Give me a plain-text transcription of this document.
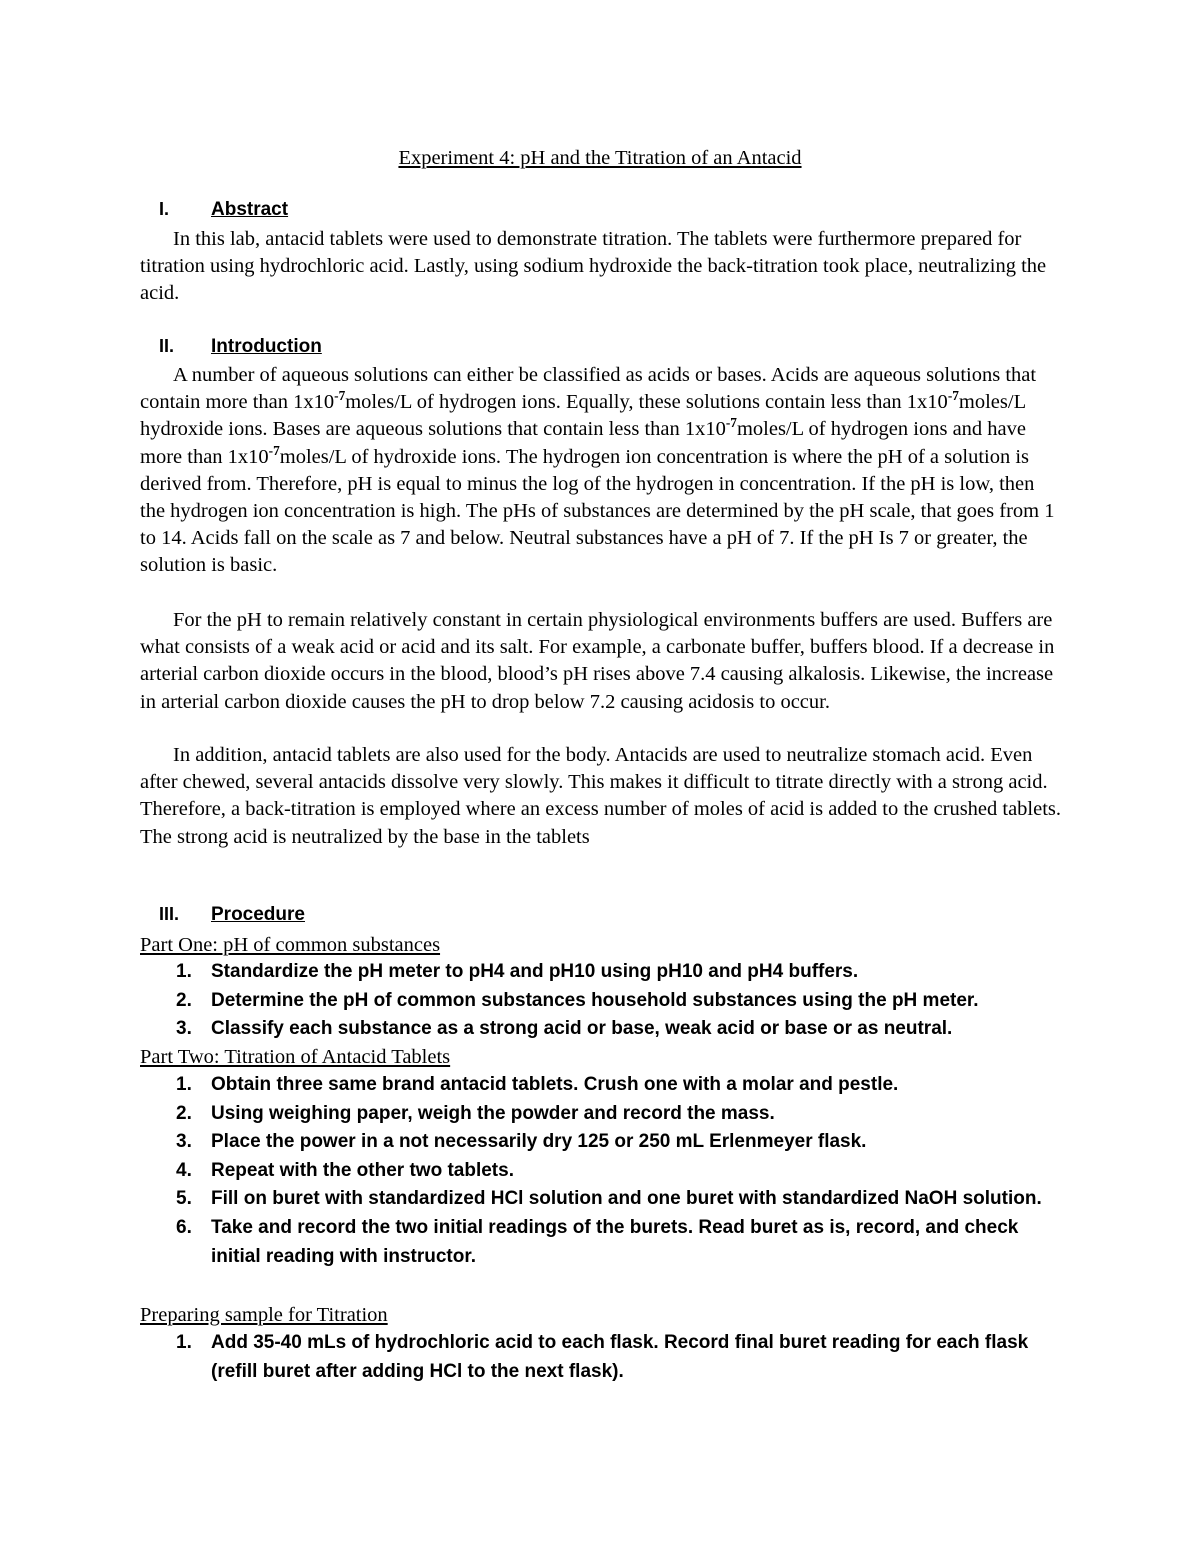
Experiment 4: pH and the Titration of an Antacid
I. Abstract

In this lab, antacid tablets were used to demonstrate titration. The tablets were furthermore prepared for titration using hydrochloric acid. Lastly, using sodium hydroxide the back-titration took place, neutralizing the acid.

II. Introduction

A number of aqueous solutions can either be classified as acids or bases. Acids are aqueous solutions that contain more than $1x10^{-7}moles/L$ of hydrogen ions. Equally, these solutions contain less than $1x10^{-7}moles/L$ hydroxide ions. Bases are aqueous solutions that contain less than $1x10^{-7}moles/L$ of hydrogen ions and have more than $1x10^{-7}moles/L$ of hydroxide ions. The hydrogen ion concentration is where the pH of a solution is derived from. Therefore, pH is equal to minus the log of the hydrogen in concentration. If the pH is low, then the hydrogen ion concentration is high. The pHs of substances are determined by the pH scale, that goes from 1 to 14. Acids fall on the scale as 7 and below. Neutral substances have a pH of 7. If the pH Is 7 or greater, the solution is basic.

For the pH to remain relatively constant in certain physiological environments buffers are used. Buffers are what consists of a weak acid or acid and its salt. For example, a carbonate buffer, buffers blood. If a decrease in arterial carbon dioxide occurs in the blood, blood’s pH rises above 7.4 causing alkalosis. Likewise, the increase in arterial carbon dioxide causes the pH to drop below 7.2 causing acidosis to occur.

In addition, antacid tablets are also used for the body. Antacids are used to neutralize stomach acid. Even after chewed, several antacids dissolve very slowly. This makes it difficult to titrate directly with a strong acid. Therefore, a back-titration is employed where an excess number of moles of acid is added to the crushed tablets. The strong acid is neutralized by the base in the tablets

III. Procedure
Part One: pH of common substances
1. Standardize the pH meter to pH4 and pH10 using pH10 and pH4 buffers.
2. Determine the pH of common substances household substances using the pH meter.
3. Classify each substance as a strong acid or base, weak acid or base or as neutral.
Part Two: Titration of Antacid Tablets
1. Obtain three same brand antacid tablets. Crush one with a molar and pestle.
2. Using weighing paper, weigh the powder and record the mass.
3. Place the power in a not necessarily dry 125 or 250 mL Erlenmeyer flask.
4. Repeat with the other two tablets.
5. Fill on buret with standardized HCl solution and one buret with standardized NaOH solution.
6. Take and record the two initial readings of the burets. Read buret as is, record, and check initial reading with instructor.
Preparing sample for Titration
1. Add 35-40 mLs of hydrochloric acid to each flask. Record final buret reading for each flask (refill buret after adding HCl to the next flask).
